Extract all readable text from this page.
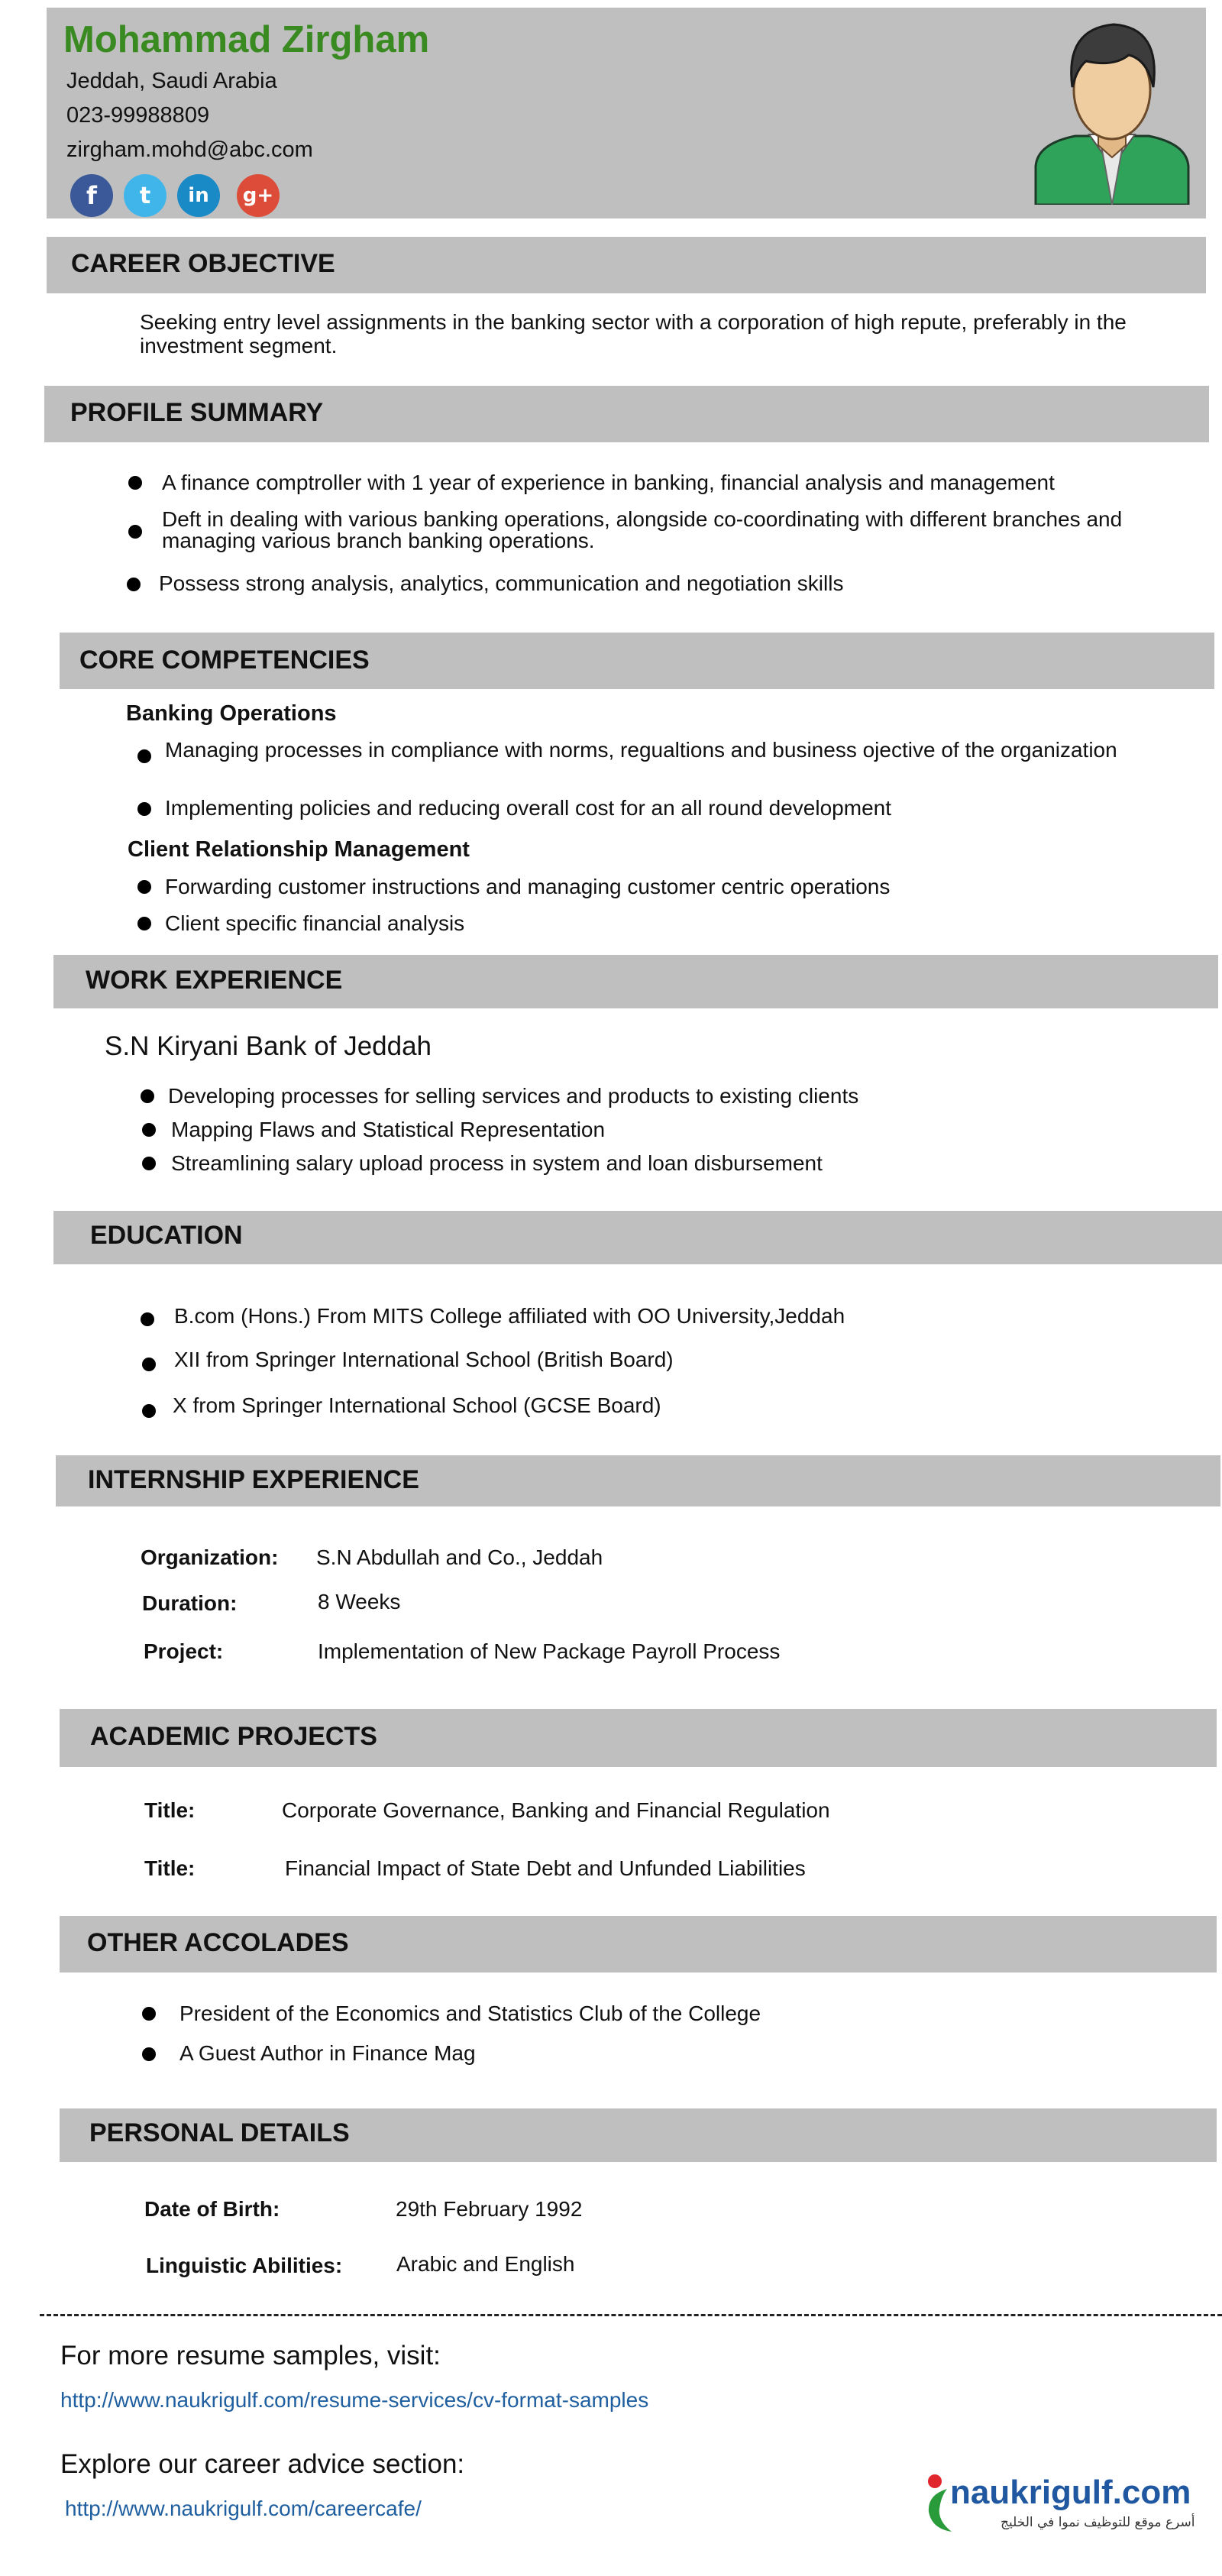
Mohammad Zirgham
Jeddah, Saudi Arabia
023-99988809
zirgham.mohd@abc.com
f t in g+
CAREER OBJECTIVE
Seeking entry level assignments in the banking sector with a corporation of high repute, preferably in the investment segment.
PROFILE SUMMARY
A finance comptroller with 1 year of experience in banking, financial analysis and management
Deft in dealing with various banking operations, alongside co-coordinating with different branches and managing various branch banking operations.
Possess strong analysis, analytics, communication and negotiation skills
CORE COMPETENCIES
Banking Operations
Managing processes in compliance with norms, regualtions and business ojective of the organization
Implementing policies and reducing overall cost for an all round development
Client Relationship Management
Forwarding customer instructions and managing customer centric operations
Client specific financial analysis
WORK EXPERIENCE
S.N Kiryani Bank of Jeddah
Developing processes for selling services and products to existing clients
Mapping Flaws and Statistical Representation
Streamlining salary upload process in system and loan disbursement
EDUCATION
B.com (Hons.) From MITS College affiliated with OO University,Jeddah
XII from Springer International School (British Board)
X from Springer International School (GCSE Board)
INTERNSHIP EXPERIENCE
Organization: S.N Abdullah and Co., Jeddah
Duration:	8 Weeks
Project:	Implementation of New Package Payroll Process
ACADEMIC PROJECTS
Title:	Corporate Governance, Banking and Financial Regulation
Title:	Financial Impact of State Debt and Unfunded Liabilities
OTHER ACCOLADES
President of the Economics and Statistics Club of the College
A Guest Author in Finance Mag
PERSONAL DETAILS
Date of Birth:	29th February 1992
Linguistic Abilities:	Arabic and English
For more resume samples, visit:
http://www.naukrigulf.com/resume-services/cv-format-samples
Explore our career advice section:
http://www.naukrigulf.com/careercafe/	naukrigulf.com
أسرع موقع للتوظيف نموا في الخليج
